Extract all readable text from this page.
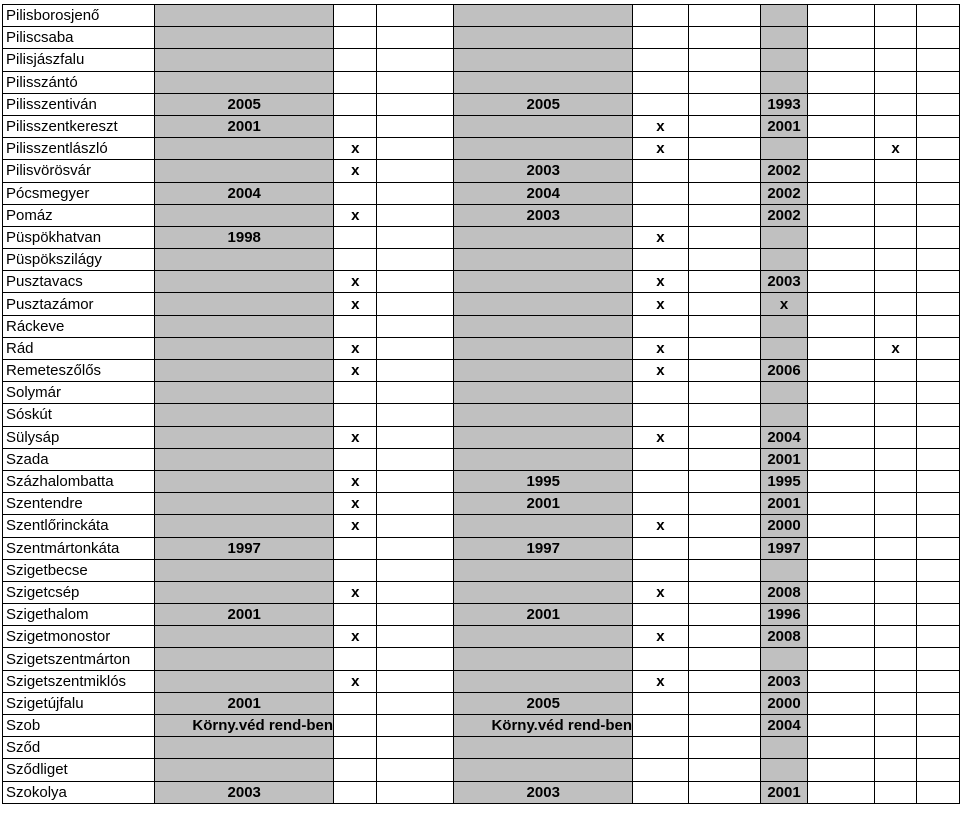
Pilisborosjenő										
Piliscsaba										
Pilisjászfalu										
Pilisszántó										
Pilisszentiván	2005			2005			1993			
Pilisszentkereszt	2001				x		2001			
Pilisszentlászló		x			x				x	
Pilisvörösvár		x		2003			2002			
Pócsmegyer	2004			2004			2002			
Pomáz		x		2003			2002			
Püspökhatvan	1998				x					
Püspökszilágy										
Pusztavacs		x			x		2003			
Pusztazámor		x			x		x			
Ráckeve										
Rád		x			x				x	
Remeteszőlős		x			x		2006			
Solymár										
Sóskút										
Sülysáp		x			x		2004			
Szada							2001			
Százhalombatta		x		1995			1995			
Szentendre		x		2001			2001			
Szentlőrinckáta		x			x		2000			
Szentmártonkáta	1997			1997			1997			
Szigetbecse										
Szigetcsép		x			x		2008			
Szigethalom	2001			2001			1996			
Szigetmonostor		x			x		2008			
Szigetszentmárton										
Szigetszentmiklós		x			x		2003			
Szigetújfalu	2001			2005			2000			
Szob	Körny.véd rend-ben			Körny.véd rend-ben			2004			
Sződ										
Sződliget										
Szokolya	2003			2003			2001			
